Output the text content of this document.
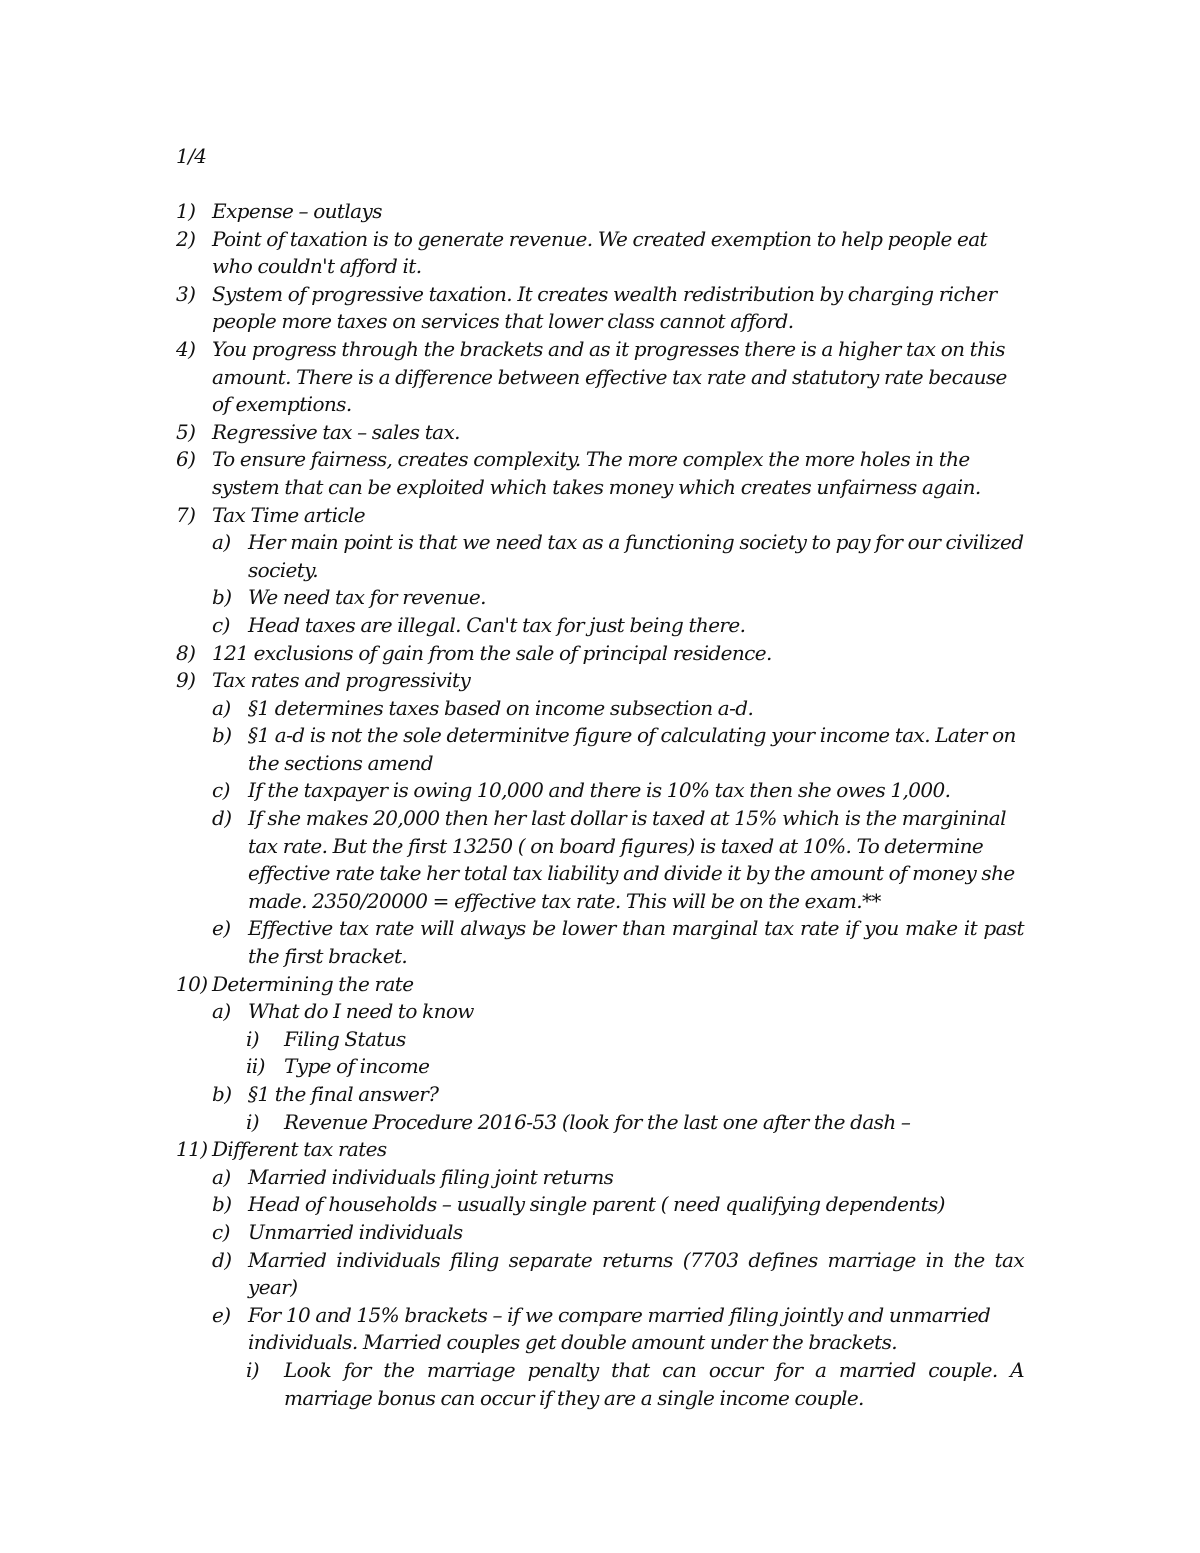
1/4
1) Expense – outlays
2) Point of taxation is to generate revenue. We created exemption to help people eat who couldn't afford it.
3) System of progressive taxation. It creates wealth redistribution by charging richer people more taxes on services that lower class cannot afford.
4) You progress through the brackets and as it progresses there is a higher tax on this amount. There is a difference between effective tax rate and statutory rate because of exemptions.
5) Regressive tax – sales tax.
6) To ensure fairness, creates complexity. The more complex the more holes in the system that can be exploited which takes money which creates unfairness again.
7) Tax Time article
a) Her main point is that we need tax as a functioning society to pay for our civilized society.
b) We need tax for revenue.
c) Head taxes are illegal. Can't tax for just being there.
8) 121 exclusions of gain from the sale of principal residence.
9) Tax rates and progressivity
a) §1 determines taxes based on income subsection a-d.
b) §1 a-d is not the sole determinitve figure of calculating your income tax. Later on the sections amend
c) If the taxpayer is owing 10,000 and there is 10% tax then she owes 1,000.
d) If she makes 20,000 then her last dollar is taxed at 15% which is the margininal tax rate. But the first 13250 ( on board figures) is taxed at 10%. To determine effective rate take her total tax liability and divide it by the amount of money she made. 2350/20000 = effective tax rate. This will be on the exam.**
e) Effective tax rate will always be lower than marginal tax rate if you make it past the first bracket.
10) Determining the rate
a) What do I need to know
i) Filing Status
ii) Type of income
b) §1 the final answer?
i) Revenue Procedure 2016-53 (look for the last one after the dash –
11) Different tax rates
a) Married individuals filing joint returns
b) Head of households – usually single parent ( need qualifying dependents)
c) Unmarried individuals
d) Married individuals filing separate returns (7703 defines marriage in the tax year)
e) For 10 and 15% brackets – if we compare married filing jointly and unmarried individuals. Married couples get double amount under the brackets.
i) Look for the marriage penalty that can occur for a married couple. A marriage bonus can occur if they are a single income couple.
